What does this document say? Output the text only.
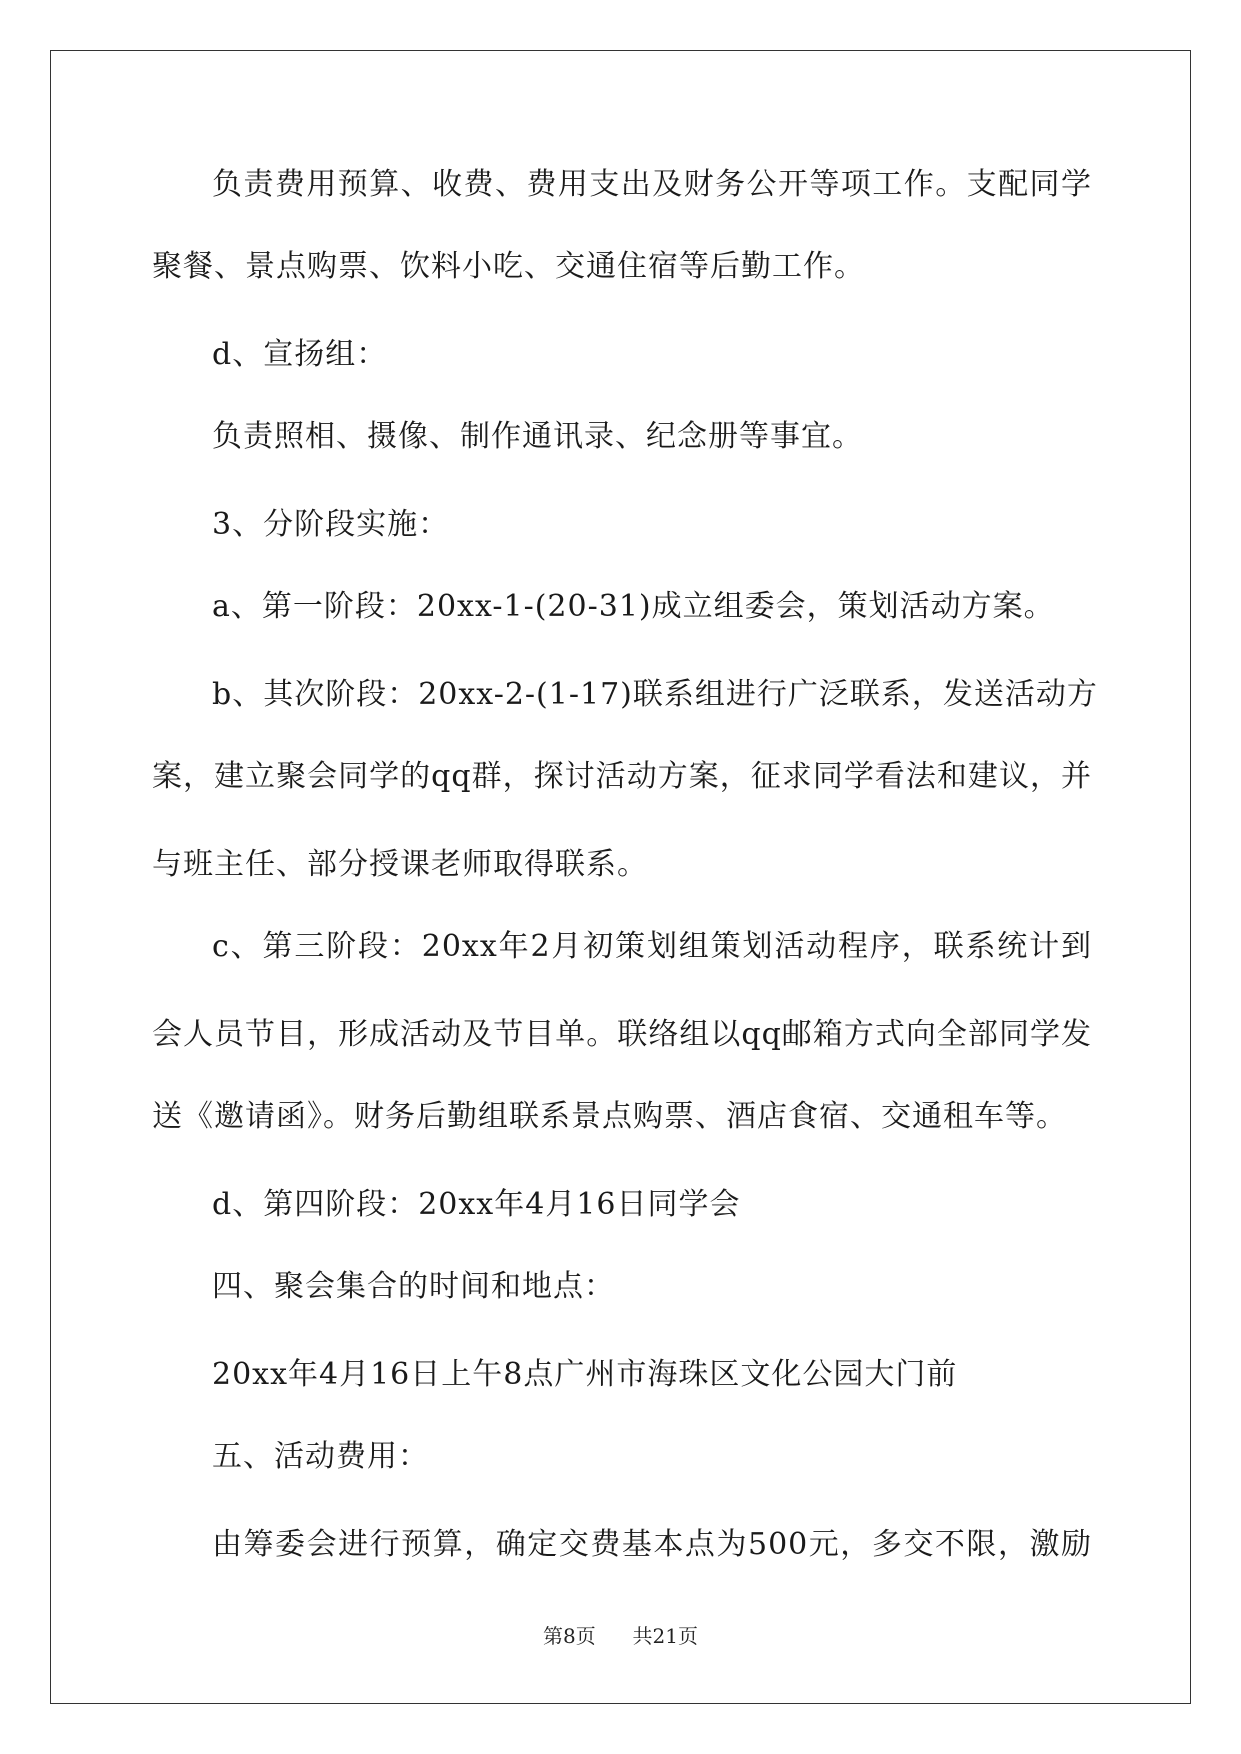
负责费用预算、收费、费用支出及财务公开等项工作。支配同学
聚餐、景点购票、饮料小吃、交通住宿等后勤工作。
d、宣扬组：
负责照相、摄像、制作通讯录、纪念册等事宜。
3、分阶段实施：
a、第一阶段：20xx-1-(20-31)成立组委会，策划活动方案。
b、其次阶段：20xx-2-(1-17)联系组进行广泛联系，发送活动方
案，建立聚会同学的qq群，探讨活动方案，征求同学看法和建议，并
与班主任、部分授课老师取得联系。
c、第三阶段：20xx年2月初策划组策划活动程序，联系统计到
会人员节目，形成活动及节目单。联络组以qq邮箱方式向全部同学发
送《邀请函》。财务后勤组联系景点购票、酒店食宿、交通租车等。
d、第四阶段：20xx年4月16日同学会
四、聚会集合的时间和地点：
20xx年4月16日上午8点广州市海珠区文化公园大门前
五、活动费用：
由筹委会进行预算，确定交费基本点为500元，多交不限，激励
第8页 共21页
